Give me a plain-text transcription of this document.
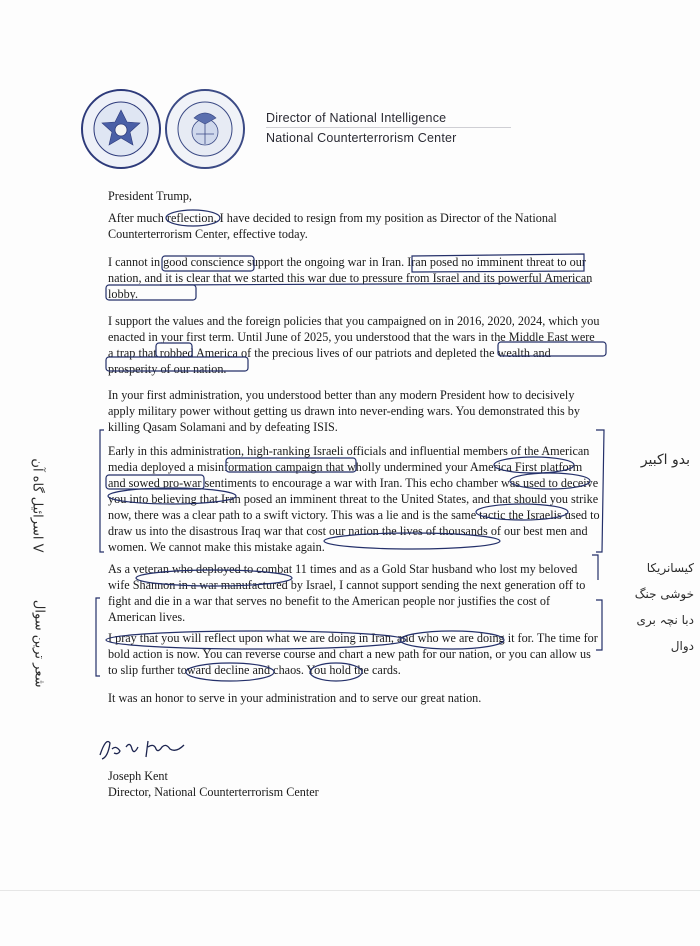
Director of National Intelligence
National Counterterrorism Center

President Trump,

After much reflection, I have decided to resign from my position as Director of the National Counterterrorism Center, effective today.

I cannot in good conscience support the ongoing war in Iran. Iran posed no imminent threat to our nation, and it is clear that we started this war due to pressure from Israel and its powerful American lobby.

I support the values and the foreign policies that you campaigned on in 2016, 2020, 2024, which you enacted in your first term. Until June of 2025, you understood that the wars in the Middle East were a trap that robbed America of the precious lives of our patriots and depleted the wealth and prosperity of our nation.

In your first administration, you understood better than any modern President how to decisively apply military power without getting us drawn into never-ending wars. You demonstrated this by killing Qasam Solamani and by defeating ISIS.

Early in this administration, high-ranking Israeli officials and influential members of the American media deployed a misinformation campaign that wholly undermined your America First platform and sowed pro-war sentiments to encourage a war with Iran. This echo chamber was used to deceive you into believing that Iran posed an imminent threat to the United States, and that should you strike now, there was a clear path to a swift victory. This was a lie and is the same tactic the Israelis used to draw us into the disastrous Iraq war that cost our nation the lives of thousands of our best men and women. We cannot make this mistake again.

As a veteran who deployed to combat 11 times and as a Gold Star husband who lost my beloved wife Shannon in a war manufactured by Israel, I cannot support sending the next generation off to fight and die in a war that serves no benefit to the American people nor justifies the cost of American lives.

I pray that you will reflect upon what we are doing in Iran, and who we are doing it for. The time for bold action is now. You can reverse course and chart a new path for our nation, or you can allow us to slip further toward decline and chaos. You hold the cards.

It was an honor to serve in your administration and to serve our great nation.

Joseph Kent
Director, National Counterterrorism Center
بدو اکبیر
کیسانریکا خوشی جنگ دبا نچہ بری دوال
V اسرائیل گاه آن
شعر ترین سوال
